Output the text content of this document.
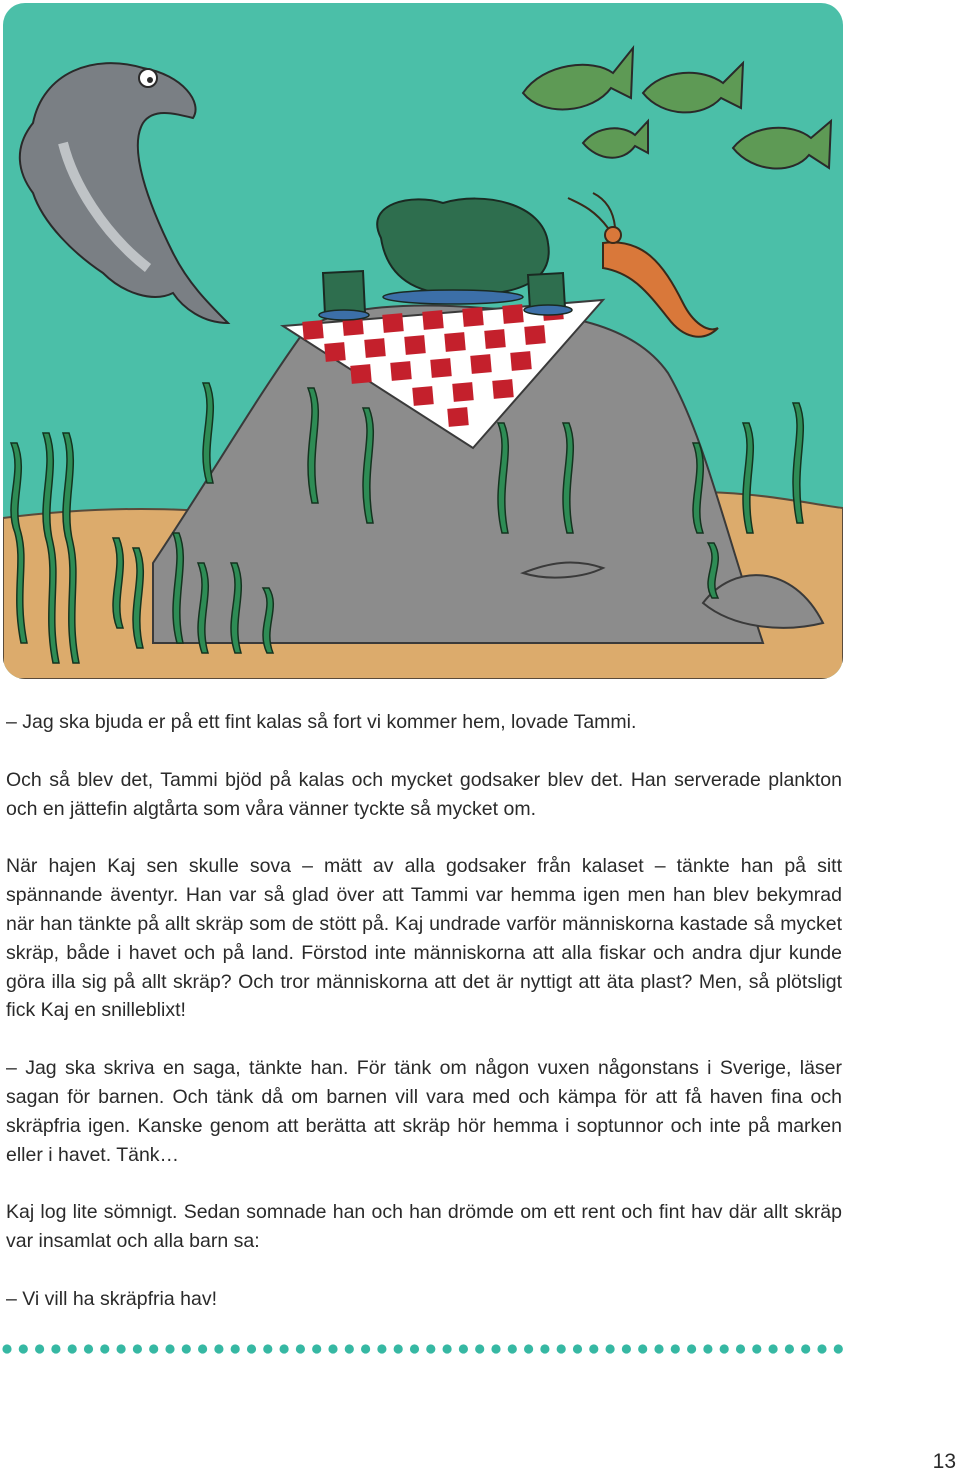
– Jag ska bjuda er på ett fint kalas så fort vi kommer hem, lovade Tammi.

Och så blev det, Tammi bjöd på kalas och mycket godsaker blev det. Han serverade plankton och en jättefin algtårta som våra vänner tyckte så mycket om.

När hajen Kaj sen skulle sova – mätt av alla godsaker från kalaset – tänkte han på sitt spännande äventyr. Han var så glad över att Tammi var hemma igen men han blev bekymrad när han tänkte på allt skräp som de stött på. Kaj undrade varför människorna kastade så mycket skräp, både i havet och på land. Förstod inte människorna att alla fiskar och andra djur kunde göra illa sig på allt skräp? Och tror människorna att det är nyttigt att äta plast? Men, så plötsligt fick Kaj en snilleblixt!

– Jag ska skriva en saga, tänkte han. För tänk om någon vuxen någonstans i Sverige, läser sagan för barnen. Och tänk då om barnen vill vara med och kämpa för att få haven fina och skräpfria igen. Kanske genom att berätta att skräp hör hemma i soptunnor och inte på marken eller i havet. Tänk…

Kaj log lite sömnigt. Sedan somnade han och han drömde om ett rent och fint hav där allt skräp var insamlat och alla barn sa:

– Vi vill ha skräpfria hav!

13
